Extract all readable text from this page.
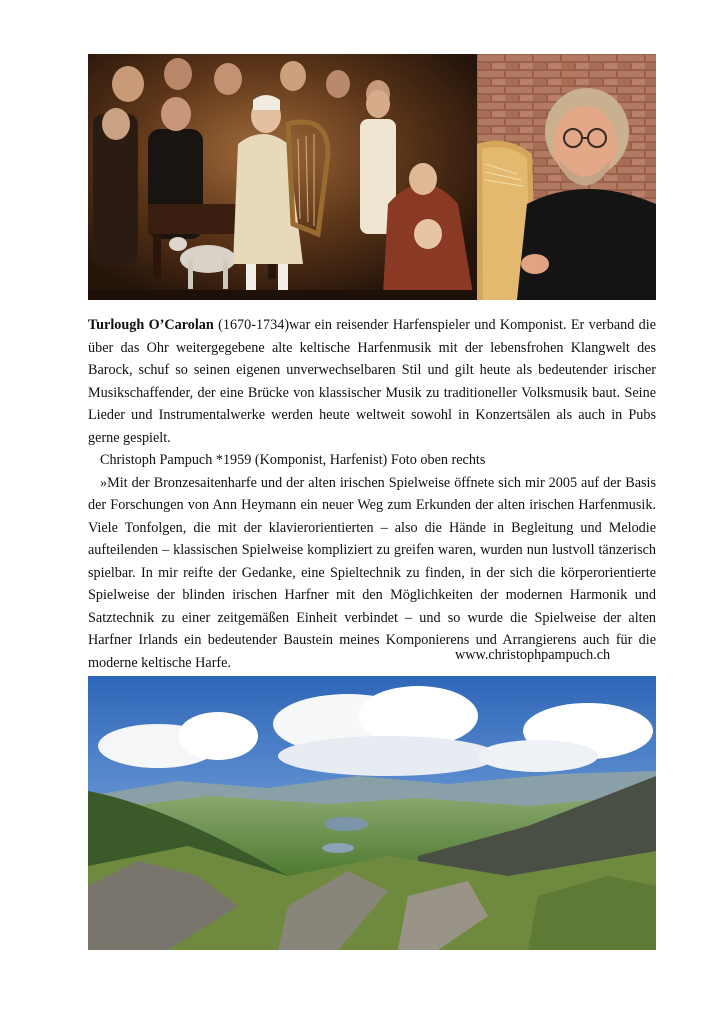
Turlough O’Carolan (1670-1734)war ein reisender Harfenspieler und Komponist. Er verband die über das Ohr weitergegebene alte keltische Harfenmusik mit der lebensfrohen Klangwelt des Barock, schuf so seinen eigenen unverwechselbaren Stil und gilt heute als bedeutender irischer Musikschaffender, der eine Brücke von klassischer Musik zu traditioneller Volksmusik baut. Seine Lieder und Instrumentalwerke werden heute weltweit sowohl in Konzertsälen als auch in Pubs gerne gespielt.

Christoph Pampuch *1959 (Komponist, Harfenist) Foto oben rechts

»Mit der Bronzesaitenharfe und der alten irischen Spielweise öffnete sich mir 2005 auf der Basis der Forschungen von Ann Heymann ein neuer Weg zum Erkunden der alten irischen Harfenmusik. Viele Tonfolgen, die mit der klavierorientierten – also die Hände in Begleitung und Melodie aufteilenden – klassischen Spielweise kompliziert zu greifen waren, wurden nun lustvoll tänzerisch spielbar. In mir reifte der Gedanke, eine Spieltechnik zu finden, in der sich die körperorientierte Spielweise der blinden irischen Harfner mit den Möglichkeiten der modernen Harmonik und Satztechnik zu einer zeitgemäßen Einheit verbindet – und so wurde die Spielweise der alten Harfner Irlands ein bedeutender Baustein meines Komponierens und Arrangierens auch für die moderne keltische Harfe.	www.christophpampuch.ch
